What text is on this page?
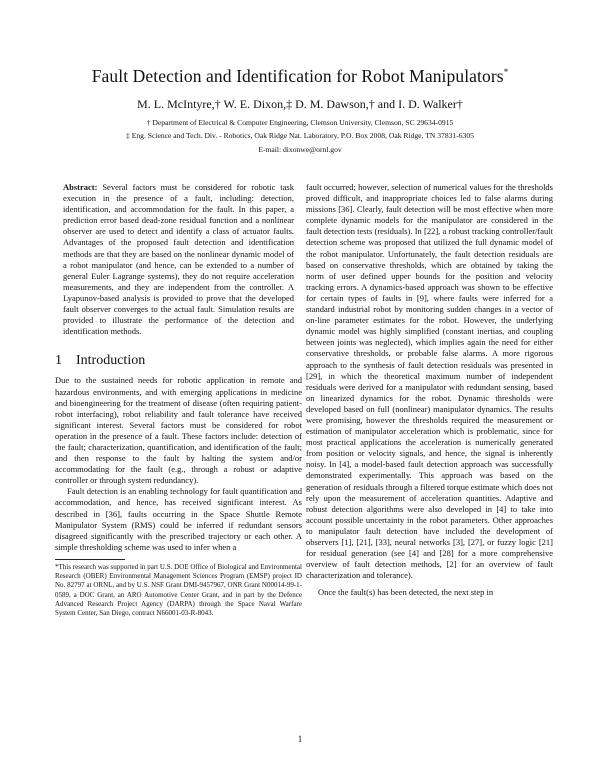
Fault Detection and Identification for Robot Manipulators*
M. L. McIntyre,† W. E. Dixon,‡ D. M. Dawson,† and I. D. Walker†
† Department of Electrical & Computer Engineering, Clemson University, Clemson, SC 29634-0915
‡ Eng. Science and Tech. Div. - Robotics, Oak Ridge Nat. Laboratory, P.O. Box 2008, Oak Ridge, TN 37831-6305
E-mail: dixonwe@ornl.gov

Abstract: Several factors must be considered for robotic task execution in the presence of a fault, including: detection, identification, and accommodation for the fault. In this paper, a prediction error based dead-zone residual function and a nonlinear observer are used to detect and identify a class of actuator faults. Advantages of the proposed fault detection and identification methods are that they are based on the nonlinear dynamic model of a robot manipulator (and hence, can be extended to a number of general Euler Lagrange systems), they do not require acceleration measurements, and they are independent from the controller. A Lyapunov-based analysis is provided to prove that the developed fault observer converges to the actual fault. Simulation results are provided to illustrate the performance of the detection and identification methods.

1 Introduction

Due to the sustained needs for robotic application in remote and hazardous environments, and with emerging applications in medicine and bioengineering for the treatment of disease (often requiring patient-robot interfacing), robot reliability and fault tolerance have received significant interest. Several factors must be considered for robot operation in the presence of a fault. These factors include: detection of the fault; characterization, quantification, and identification of the fault; and then response to the fault by halting the system and/or accommodating for the fault (e.g., through a robust or adaptive controller or through system redundancy).

Fault detection is an enabling technology for fault quantification and accommodation, and hence, has received significant interest. As described in [36], faults occurring in the Space Shuttle Remote Manipulator System (RMS) could be inferred if redundant sensors disagreed significantly with the prescribed trajectory or each other. A simple thresholding scheme was used to infer when a

*This research was supported in part U.S. DOE Office of Biological and Environmental Research (OBER) Environmental Management Sciences Program (EMSP) project ID No. 82797 at ORNL, and by U.S. NSF Grant DMI-9457967, ONR Grant N00014-99-1-0589, a DOC Grant, an ARO Automotive Center Grant, and in part by the Defence Advanced Research Project Agency (DARPA) through the Space Naval Warfare System Center, San Diego, contract N66001-03-R-8043.

fault occurred; however, selection of numerical values for the thresholds proved difficult, and inappropriate choices led to false alarms during missions [36]. Clearly, fault detection will be most effective when more complete dynamic models for the manipulator are considered in the fault detection tests (residuals). In [22], a robust tracking controller/fault detection scheme was proposed that utilized the full dynamic model of the robot manipulator. Unfortunately, the fault detection residuals are based on conservative thresholds, which are obtained by taking the norm of user defined upper bounds for the position and velocity tracking errors. A dynamics-based approach was shown to be effective for certain types of faults in [9], where faults were inferred for a standard industrial robot by monitoring sudden changes in a vector of on-line parameter estimates for the robot. However, the underlying dynamic model was highly simplified (constant inertias, and coupling between joints was neglected), which implies again the need for either conservative thresholds, or probable false alarms. A more rigorous approach to the synthesis of fault detection residuals was presented in [29], in which the theoretical maximum number of independent residuals were derived for a manipulator with redundant sensing, based on linearized dynamics for the robot. Dynamic thresholds were developed based on full (nonlinear) manipulator dynamics. The results were promising, however the thresholds required the measurement or estimation of manipulator acceleration which is problematic, since for most practical applications the acceleration is numerically generated from position or velocity signals, and hence, the signal is inherently noisy. In [4], a model-based fault detection approach was successfully demonstrated experimentally. This approach was based on the generation of residuals through a filtered torque estimate which does not rely upon the measurement of acceleration quantities. Adaptive and robust detection algorithms were also developed in [4] to take into account possible uncertainty in the robot parameters. Other approaches to manipulator fault detection have included the development of observers [1], [21], [33], neural networks [3], [27], or fuzzy logic [21] for residual generation (see [4] and [28] for a more comprehensive overview of fault detection methods, [2] for an overview of fault characterization and tolerance).

Once the fault(s) has been detected, the next step in

1
